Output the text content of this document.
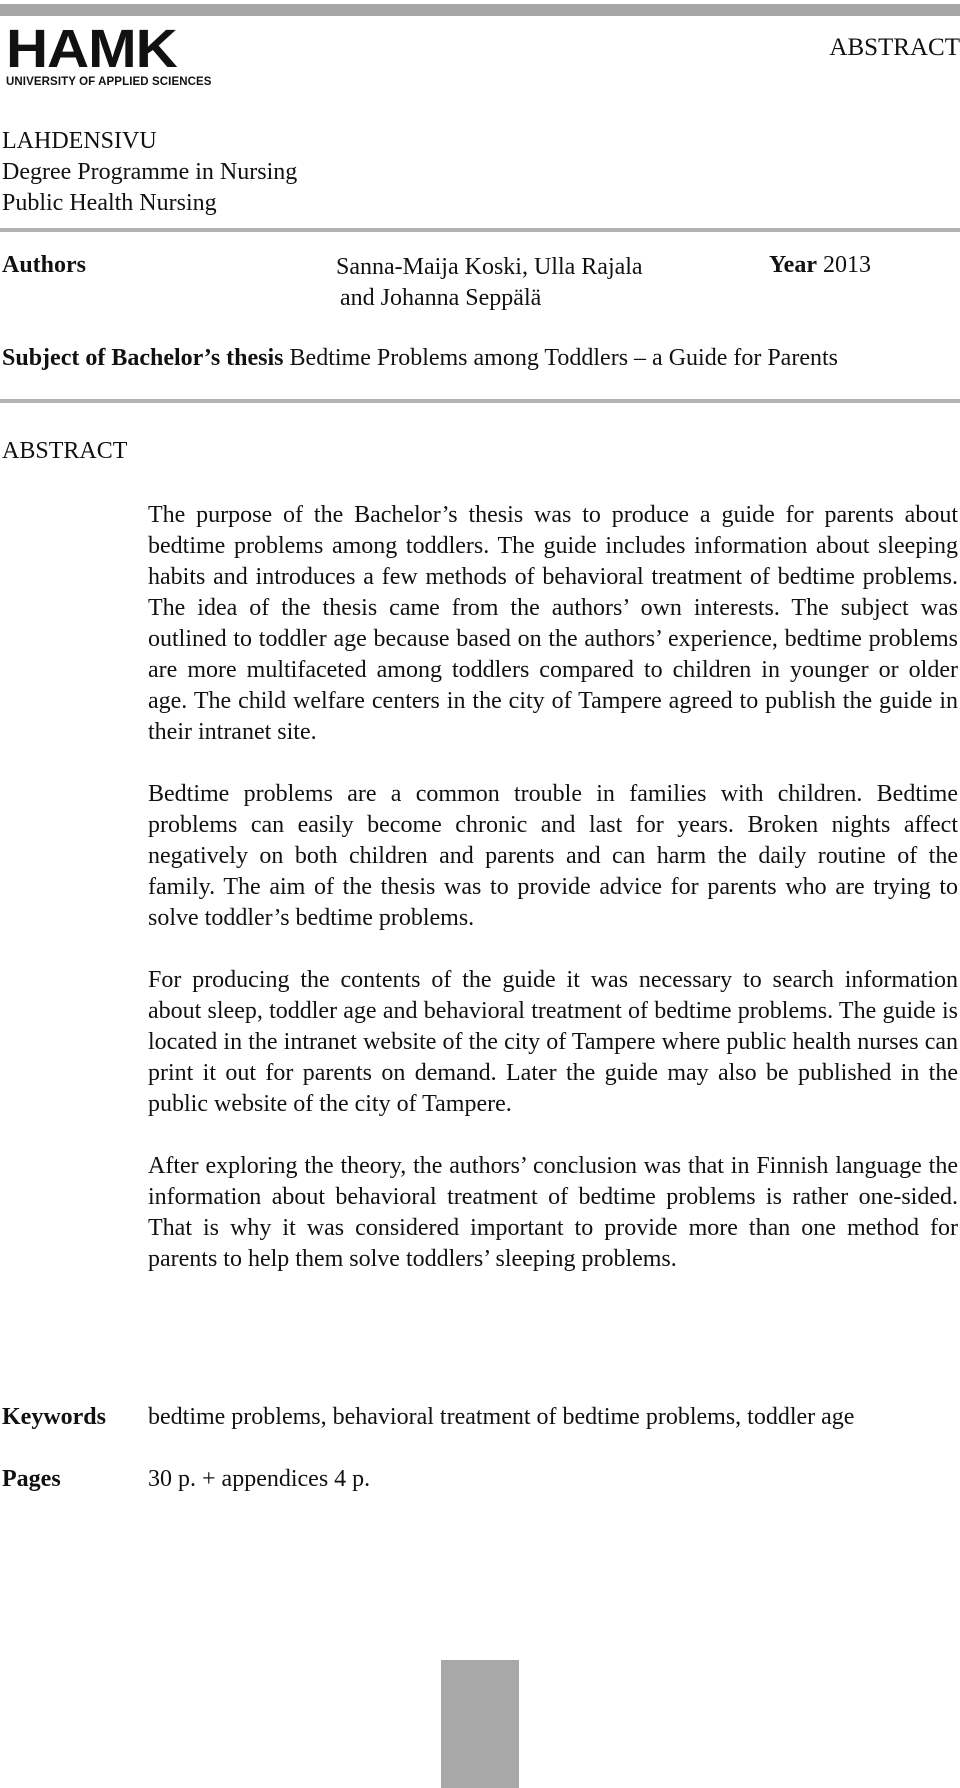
HAMK
UNIVERSITY OF APPLIED SCIENCES
ABSTRACT
LAHDENSIVU
Degree Programme in Nursing
Public Health Nursing
Authors	Sanna-Maija Koski, Ulla Rajala
and Johanna Seppälä
Year 2013
Subject of Bachelor’s thesis Bedtime Problems among Toddlers – a Guide for Parents
ABSTRACT

The purpose of the Bachelor’s thesis was to produce a guide for parents about bedtime problems among toddlers. The guide includes information about sleeping habits and introduces a few methods of behavioral treatment of bedtime problems. The idea of the thesis came from the authors’ own interests. The subject was outlined to toddler age because based on the authors’ experience, bedtime problems are more multifaceted among toddlers compared to children in younger or older age. The child welfare centers in the city of Tampere agreed to publish the guide in their intranet site.

Bedtime problems are a common trouble in families with children. Bedtime problems can easily become chronic and last for years. Broken nights affect negatively on both children and parents and can harm the daily routine of the family. The aim of the thesis was to provide advice for parents who are trying to solve toddler’s bedtime problems.

For producing the contents of the guide it was necessary to search information about sleep, toddler age and behavioral treatment of bedtime problems. The guide is located in the intranet website of the city of Tampere where public health nurses can print it out for parents on demand. Later the guide may also be published in the public website of the city of Tampere.

After exploring the theory, the authors’ conclusion was that in Finnish language the information about behavioral treatment of bedtime problems is rather one-sided. That is why it was considered important to provide more than one method for parents to help them solve toddlers’ sleeping problems.

Keywords bedtime problems, behavioral treatment of bedtime problems, toddler age
Pages	30 p. + appendices 4 p.
